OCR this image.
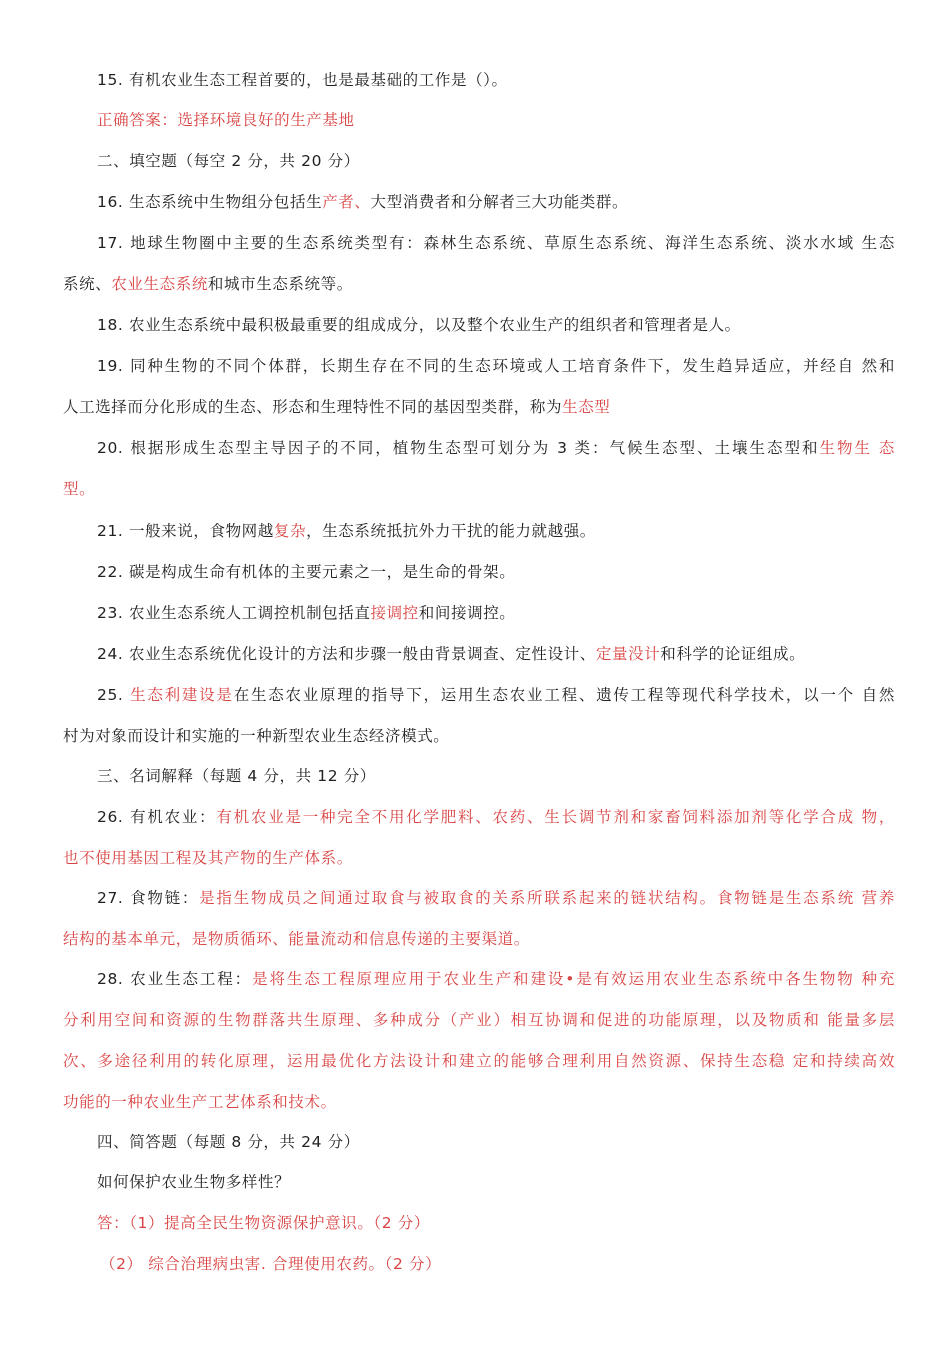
15. 有机农业生态工程首要的，也是最基础的工作是（）。
正确答案：选择环境良好的生产基地
二、填空题（每空 2 分，共 20 分）
16. 生态系统中生物组分包括生产者、大型消费者和分解者三大功能类群。
17. 地球生物圈中主要的生态系统类型有：森林生态系统、草原生态系统、海洋生态系统、淡水水域 生态
系统、农业生态系统和城市生态系统等。
18. 农业生态系统中最积极最重要的组成成分，以及整个农业生产的组织者和管理者是人。
19. 同种生物的不同个体群，长期生存在不同的生态环境或人工培育条件下，发生趋异适应，并经自 然和
人工选择而分化形成的生态、形态和生理特性不同的基因型类群，称为生态型
20. 根据形成生态型主导因子的不同，植物生态型可划分为 3 类：气候生态型、土壤生态型和生物生 态
型。
21. 一般来说，食物网越复杂，生态系统抵抗外力干扰的能力就越强。
22. 碳是构成生命有机体的主要元素之一，是生命的骨架。
23. 农业生态系统人工调控机制包括直接调控和间接调控。
24. 农业生态系统优化设计的方法和步骤一般由背景调查、定性设计、定量没计和科学的论证组成。
25. 生态利建设是在生态农业原理的指导下，运用生态农业工程、遗传工程等现代科学技术，以一个 自然
村为对象而设计和实施的一种新型农业生态经济模式。
三、名词解释（每题 4 分，共 12 分）
26. 有机农业：有机农业是一种完全不用化学肥料、农药、生长调节剂和家畜饲料添加剂等化学合成 物，
也不使用基因工程及其产物的生产体系。
27. 食物链：是指生物成员之间通过取食与被取食的关系所联系起来的链状结构。食物链是生态系统 营养
结构的基本单元，是物质循环、能量流动和信息传递的主要渠道。
28. 农业生态工程：是将生态工程原理应用于农业生产和建设•是有效运用农业生态系统中各生物物 种充
分利用空间和资源的生物群落共生原理、多种成分（产业）相互协调和促进的功能原理，以及物质和 能量多层
次、多途径利用的转化原理，运用最优化方法设计和建立的能够合理利用自然资源、保持生态稳 定和持续高效
功能的一种农业生产工艺体系和技术。
四、简答题（每题 8 分，共 24 分）
如何保护农业生物多样性？
答：（1）提高全民生物资源保护意识。（2 分）
（2） 综合治理病虫害. 合理使用农药。（2 分）
